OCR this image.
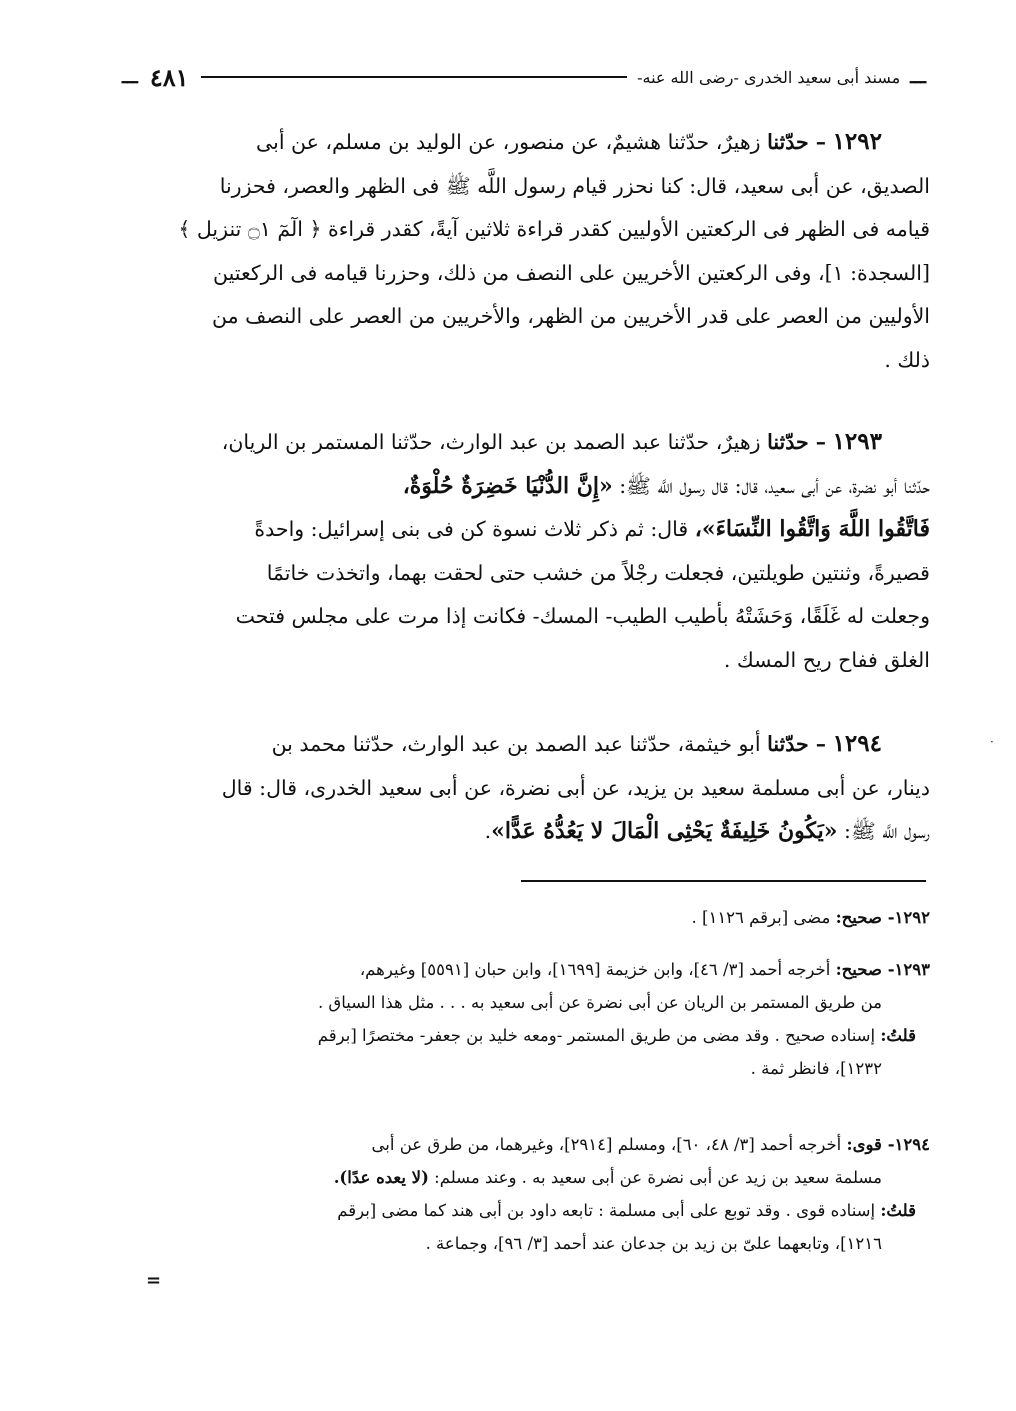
ـــ ٤٨١	مسند أبى سعيد الخدرى -رضى الله عنه- ـــ
١٢٩٢ – حدّثنا زهيرٌ، حدّثنا هشيمٌ، عن منصور، عن الوليد بن مسلم، عن أبى
الصديق، عن أبى سعيد، قال: كنا نحزر قيام رسول اللَّه ﷺ فى الظهر والعصر، فحزرنا
قيامه فى الظهر فى الركعتين الأوليين كقدر قراءة ثلاثين آيةً، كقدر قراءة ﴿ الٓمٓ ۝١ تنزيل ﴾
[السجدة: ١]، وفى الركعتين الأخريين على النصف من ذلك، وحزرنا قيامه فى الركعتين
الأوليين من العصر على قدر الأخريين من الظهر، والأخريين من العصر على النصف من
ذلك .
١٢٩٣ – حدّثنا زهيرٌ، حدّثنا عبد الصمد بن عبد الوارث، حدّثنا المستمر بن الريان،
حدّثنا أبو نضرة، عن أبى سعيد، قال: قال رسول اللَّه ﷺ: «إِنَّ الدُّنْيَا خَضِرَةٌ حُلْوَةٌ،
فَاتَّقُوا اللَّهَ وَاتَّقُوا النِّسَاءَ»، قال: ثم ذكر ثلاث نسوة كن فى بنى إسرائيل: واحدةً
قصيرةً، وثنتين طويلتين، فجعلت رجْلاً من خشب حتى لحقت بهما، واتخذت خاتمًا
وجعلت له غَلَقًا، وَحَشَتْهُ بأطيب الطيب- المسك- فكانت إذا مرت على مجلس فتحت
الغلق ففاح ريح المسك .
١٢٩٤ – حدّثنا أبو خيثمة، حدّثنا عبد الصمد بن عبد الوارث، حدّثنا محمد بن
دينار، عن أبى مسلمة سعيد بن يزيد، عن أبى نضرة، عن أبى سعيد الخدرى، قال: قال
رسول اللَّه ﷺ: «يَكُونُ خَلِيفَةٌ يَحْثِى الْمَالَ لا يَعُدُّهُ عَدًّا».
·
١٢٩٢- صحيح: مضى [برقم ١١٢٦] .
١٢٩٣- صحيح: أخرجه أحمد [٣/ ٤٦]، وابن خزيمة [١٦٩٩]، وابن حبان [٥٥٩١] وغيرهم،
من طريق المستمر بن الريان عن أبى نضرة عن أبى سعيد به . . . مثل هذا السياق .
قلتُ: إسناده صحيح . وقد مضى من طريق المستمر -ومعه خليد بن جعفر- مختصرًا [برقم
١٢٣٢]، فانظر ثمة .
١٢٩٤- قوى: أخرجه أحمد [٣/ ٤٨، ٦٠]، ومسلم [٢٩١٤]، وغيرهما، من طرق عن أبى
مسلمة سعيد بن زيد عن أبى نضرة عن أبى سعيد به . وعند مسلم: (لا يعده عدًا).
قلتُ: إسناده قوى . وقد توبع على أبى مسلمة : تابعه داود بن أبى هند كما مضى [برقم
١٢١٦]، وتابعهما علىّ بن زيد بن جدعان عند أحمد [٣/ ٩٦]، وجماعة .
=
